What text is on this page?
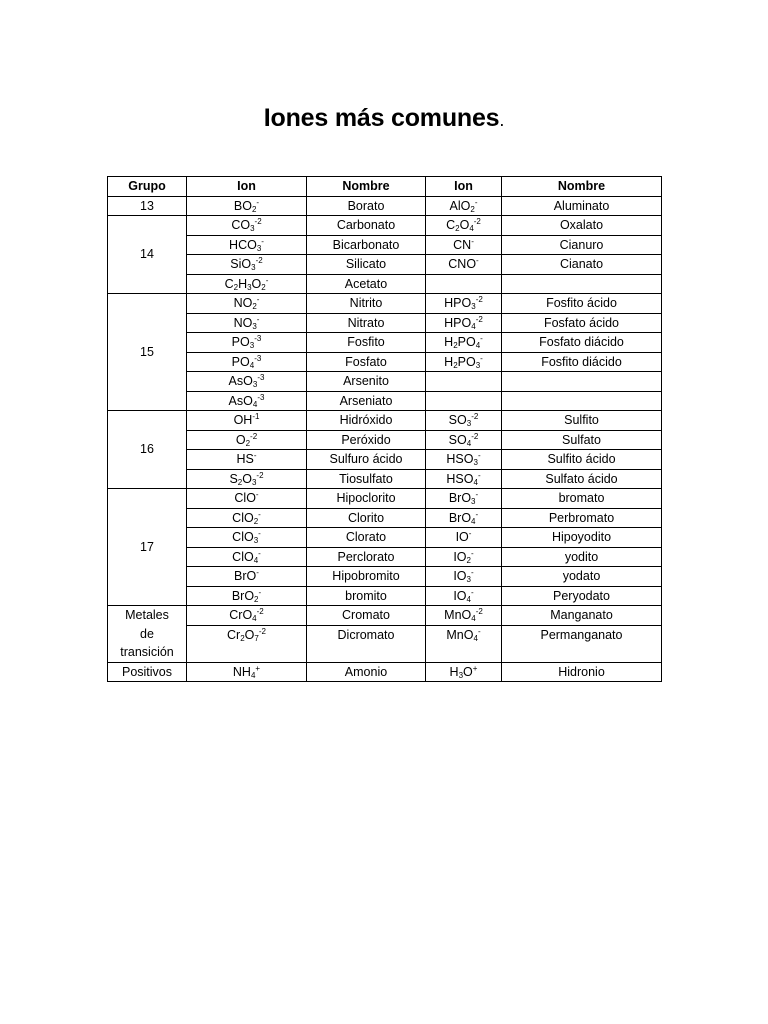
Iones más comunes.
Grupo	Ion	Nombre	Ion	Nombre
13	$BO_2^-$	Borato	AlO$_2$-	Aluminato
14	$CO_3^{-2}$	Carbonato	$C_2O_4^{-2}$	Oxalato
	$HCO_3^-$	Bicarbonato	CN-	Cianuro
	SiO$_3^{-2}$	Silicato	CNO-	Cianato
	$C_2H_3O_2^-$	Acetato		
15	$NO_2^-$	Nitrito	$HPO_3^{-2}$	Fosfito ácido
	$NO_3^-$	Nitrato	$HPO_4^{-2}$	Fosfato ácido
	$PO_3^{-3}$	Fosfito	$H_2PO_4^-$	Fosfato diácido
	$PO_4^{-3}$	Fosfato	$H_2PO_3^-$	Fosfito diácido
	AsO$_3^{-3}$	Arsenito		
	AsO$_4^{-3}$	Arseniato		
16	$OH^{-1}$	Hidróxido	$SO_3^{-2}$	Sulfito
	$O_2^{-2}$	Peróxido	$SO_4^{-2}$	Sulfato
	HS-	Sulfuro ácido	$HSO_3^-$	Sulfito ácido
	$S_2O_3^{-2}$	Tiosulfato	$HSO_4^-$	Sulfato ácido
17	ClO-	Hipoclorito	BrO$_3$-	bromato
	ClO$_2$-	Clorito	BrO$_4$-	Perbromato
	ClO$_3$-	Clorato	IO-	Hipoyodito
	ClO$_4$-	Perclorato	$IO_2^-$	yodito
	BrO-	Hipobromito	$IO_3^-$	yodato
	BrO$_2$-	bromito	$IO_4^-$	Peryodato
Metales
de
transición	CrO$_4^{-2}$	Cromato	MnO$_4^{-2}$	Manganato
	$Cr_2O_7^{-2}$	Dicromato	MnO$_4$-	Permanganato
Positivos	$NH_4^+$	Amonio	$H_3O^+$	Hidronio
